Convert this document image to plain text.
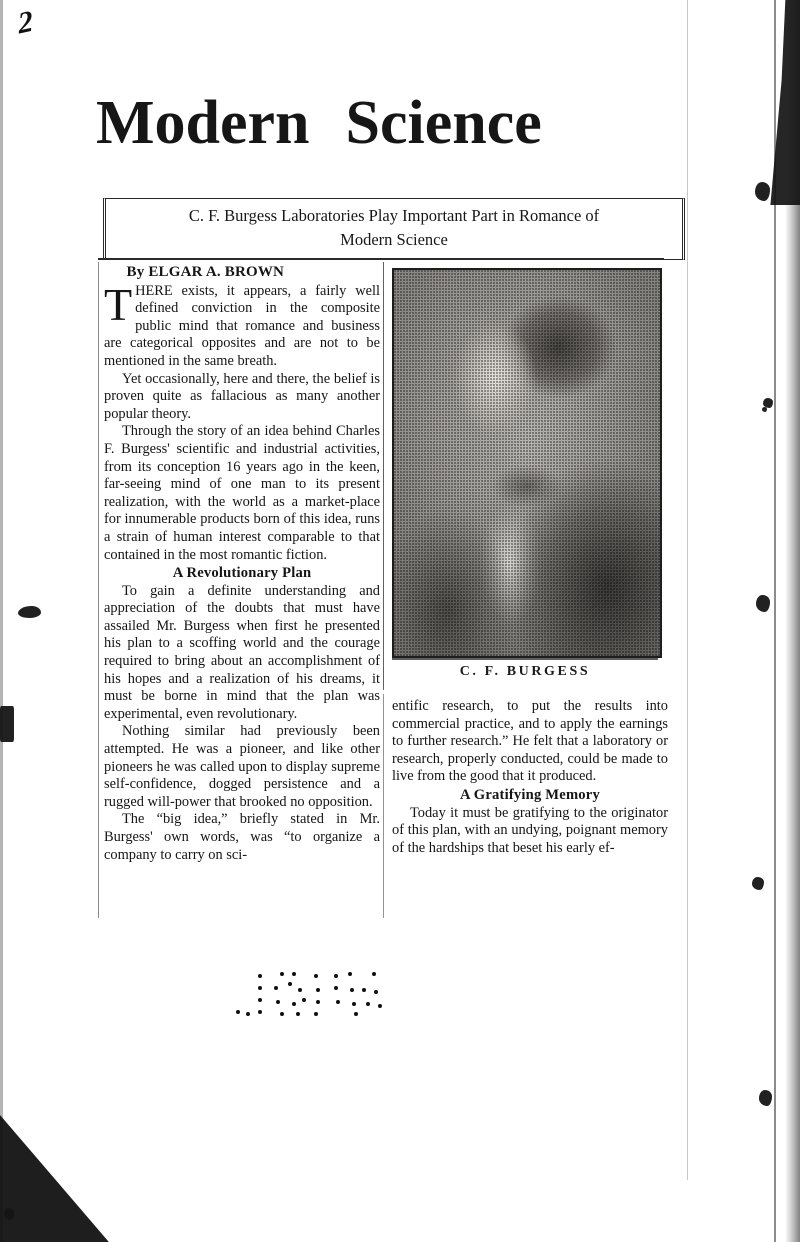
2
Modern Science
C. F. Burgess Laboratories Play Important Part in Romance of
Modern Science
C. F. BURGESS
By ELGAR A. BROWN

THERE exists, it appears, a fairly well defined conviction in the composite public mind that romance and business are categorical opposites and are not to be mentioned in the same breath.

Yet occasionally, here and there, the belief is proven quite as fallacious as many another popular theory.

Through the story of an idea behind Charles F. Burgess' scientific and industrial activities, from its conception 16 years ago in the keen, far-seeing mind of one man to its present realization, with the world as a market-place for innumerable products born of this idea, runs a strain of human interest comparable to that contained in the most romantic fiction.

A Revolutionary Plan

To gain a definite understanding and appreciation of the doubts that must have assailed Mr. Burgess when first he presented his plan to a scoffing world and the courage required to bring about an accomplishment of his hopes and a realization of his dreams, it must be borne in mind that the plan was experimental, even revolutionary.

Nothing similar had previously been attempted. He was a pioneer, and like other pioneers he was called upon to display supreme self-confidence, dogged persistence and a rugged will-power that brooked no opposition.

The “big idea,” briefly stated in Mr. Burgess' own words, was “to organize a company to carry on sci-

entific research, to put the results into commercial practice, and to apply the earnings to further research.” He felt that a laboratory or research, properly conducted, could be made to live from the good that it produced.

A Gratifying Memory

Today it must be gratifying to the originator of this plan, with an undying, poignant memory of the hardships that beset his early ef-
